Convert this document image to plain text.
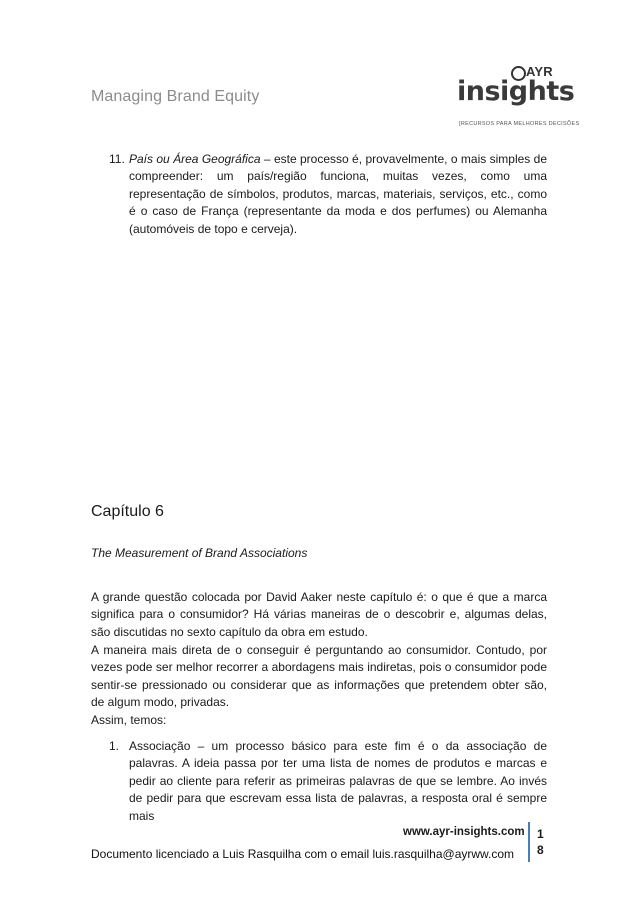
Managing Brand Equity
AYR
insights
[RECURSOS PARA MELHORES DECISÕES
11. País ou Área Geográfica – este processo é, provavelmente, o mais simples de compreender: um país/região funciona, muitas vezes, como uma representação de símbolos, produtos, marcas, materiais, serviços, etc., como é o caso de França (representante da moda e dos perfumes) ou Alemanha (automóveis de topo e cerveja).
Capítulo 6
The Measurement of Brand Associations
A grande questão colocada por David Aaker neste capítulo é: o que é que a marca significa para o consumidor? Há várias maneiras de o descobrir e, algumas delas, são discutidas no sexto capítulo da obra em estudo.
A maneira mais direta de o conseguir é perguntando ao consumidor. Contudo, por vezes pode ser melhor recorrer a abordagens mais indiretas, pois o consumidor pode sentir-se pressionado ou considerar que as informações que pretendem obter são, de algum modo, privadas.
Assim, temos:
1. Associação – um processo básico para este fim é o da associação de palavras. A ideia passa por ter uma lista de nomes de produtos e marcas e pedir ao cliente para referir as primeiras palavras de que se lembre. Ao invés de pedir para que escrevam essa lista de palavras, a resposta oral é sempre mais
www.ayr-insights.com 18
Documento licenciado a Luis Rasquilha com o email luis.rasquilha@ayrww.com
